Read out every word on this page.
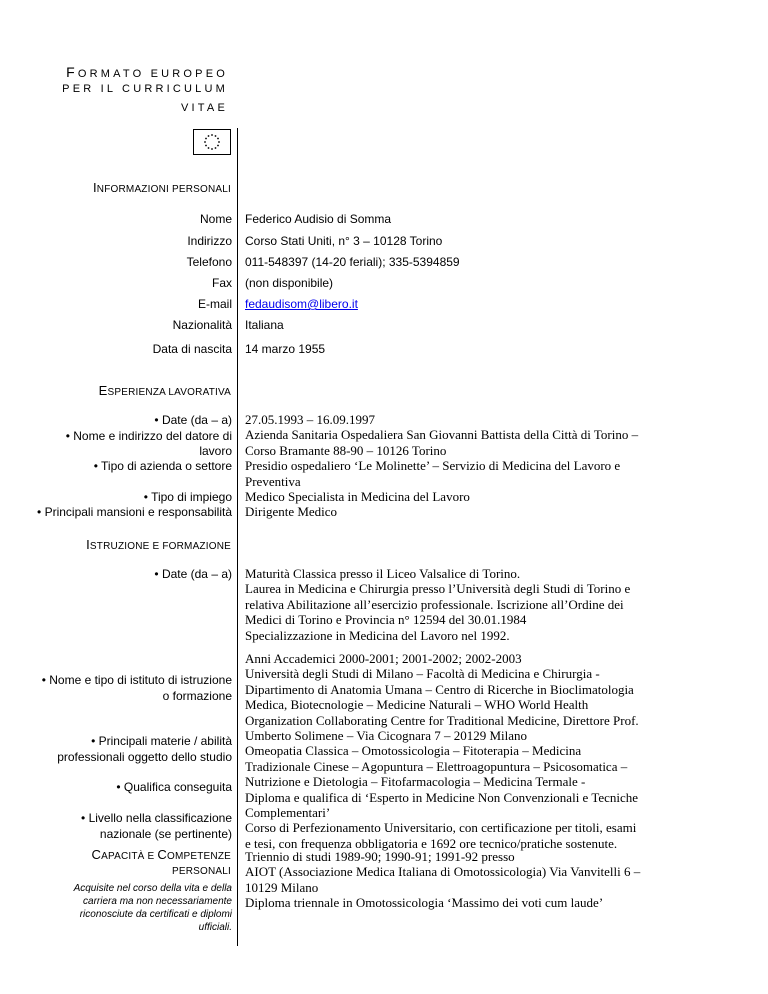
FORMATO EUROPEO
PER IL CURRICULUM
VITAE
INFORMAZIONI PERSONALI
Nome Federico Audisio di Somma
Indirizzo Corso Stati Uniti, n° 3 – 10128 Torino
Telefono 011-548397 (14-20 feriali); 335-5394859
Fax (non disponibile)
E-mail fedaudisom@libero.it
Nazionalità Italiana
Data di nascita 14 marzo 1955
ESPERIENZA LAVORATIVA
• Date (da – a)
• Nome e indirizzo del datore di
lavoro
• Tipo di azienda o settore
• Tipo di impiego
• Principali mansioni e responsabilità
27.05.1993 – 16.09.1997
Azienda Sanitaria Ospedaliera San Giovanni Battista della Città di Torino –
Corso Bramante 88-90 – 10126 Torino
Presidio ospedaliero ‘Le Molinette’ – Servizio di Medicina del Lavoro e
Preventiva
Medico Specialista in Medicina del Lavoro
Dirigente Medico
ISTRUZIONE E FORMAZIONE
• Date (da – a) Maturità Classica presso il Liceo Valsalice di Torino.
Laurea in Medicina e Chirurgia presso l’Università degli Studi di Torino e
relativa Abilitazione all’esercizio professionale. Iscrizione all’Ordine dei
Medici di Torino e Provincia n° 12594 del 30.01.1984
Specializzazione in Medicina del Lavoro nel 1992.
• Nome e tipo di istituto di istruzione
o formazione
• Principali materie / abilità
professionali oggetto dello studio
• Qualifica conseguita
• Livello nella classificazione
nazionale (se pertinente)
Anni Accademici 2000-2001; 2001-2002; 2002-2003
Università degli Studi di Milano – Facoltà di Medicina e Chirurgia -
Dipartimento di Anatomia Umana – Centro di Ricerche in Bioclimatologia
Medica, Biotecnologie – Medicine Naturali – WHO World Health
Organization Collaborating Centre for Traditional Medicine, Direttore Prof.
Umberto Solimene – Via Cicognara 7 – 20129 Milano
Omeopatia Classica – Omotossicologia – Fitoterapia – Medicina
Tradizionale Cinese – Agopuntura – Elettroagopuntura – Psicosomatica –
Nutrizione e Dietologia – Fitofarmacologia – Medicina Termale -
Diploma e qualifica di ‘Esperto in Medicine Non Convenzionali e Tecniche
Complementari’
Corso di Perfezionamento Universitario, con certificazione per titoli, esami
e tesi, con frequenza obbligatoria e 1692 ore tecnico/pratiche sostenute.
CAPACITÀ E COMPETENZE
PERSONALI
Acquisite nel corso della vita e della
carriera ma non necessariamente
riconosciute da certificati e diplomi
ufficiali.
Triennio di studi 1989-90; 1990-91; 1991-92 presso
AIOT (Associazione Medica Italiana di Omotossicologia) Via Vanvitelli 6 –
10129 Milano
Diploma triennale in Omotossicologia ‘Massimo dei voti cum laude’
